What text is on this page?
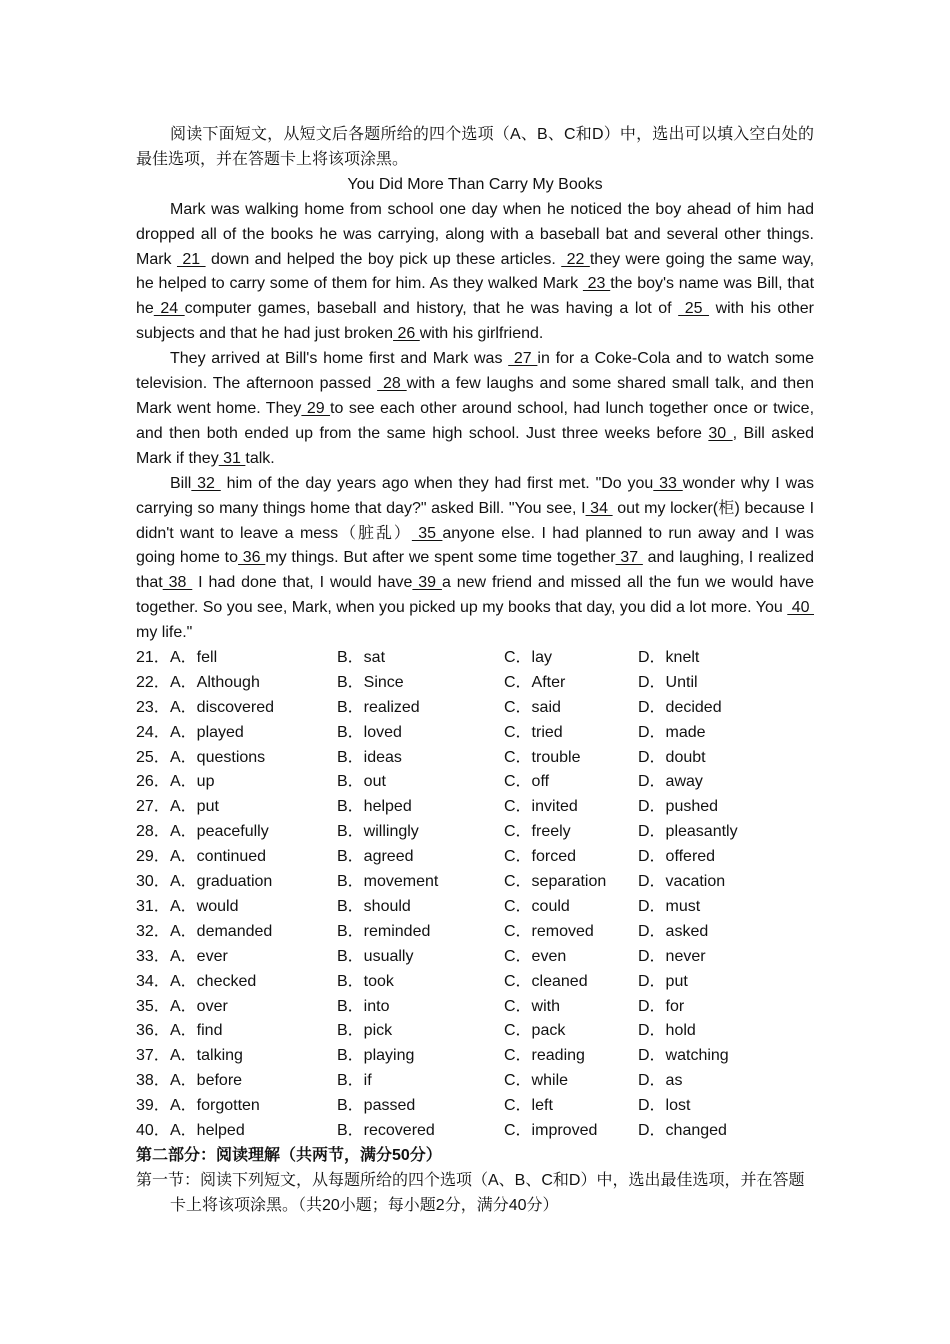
阅读下面短文，从短文后各题所给的四个选项（A、B、C和D）中，选出可以填入空白处的最佳选项，并在答题卡上将该项涂黑。

You Did More Than Carry My Books

Mark was walking home from school one day when he noticed the boy ahead of him had dropped all of the books he was carrying, along with a baseball bat and several other things. Mark  21  down and helped the boy pick up these articles.  22 they were going the same way, he helped to carry some of them for him. As they walked Mark  23 the boy's name was Bill, that he 24 computer games, baseball and history, that he was having a lot of  25  with his other subjects and that he had just broken 26 with his girlfriend.

They arrived at Bill's home first and Mark was  27 in for a Coke-Cola and to watch some television. The afternoon passed  28 with a few laughs and some shared small talk, and then Mark went home. They 29 to see each other around school, had lunch together once or twice, and then both ended up from the same high school. Just three weeks before 30 , Bill asked Mark if they 31 talk.

Bill 32  him of the day years ago when they had first met. "Do you 33 wonder why I was carrying so many things home that day?" asked Bill. "You see, I 34  out my locker(柜) because I didn't want to leave a mess（脏乱） 35 anyone else. I had planned to run away and I was going home to 36 my things. But after we spent some time together 37  and laughing, I realized that 38  I had done that, I would have 39 a new friend and missed all the fun we would have together. So you see, Mark, when you picked up my books that day, you did a lot more. You  40  my life."

21． A．fell	B．sat	C．lay	D．knelt
22． A．Although	B．Since	C．After	D．Until
23． A．discovered	B．realized	C．said	D．decided
24． A．played	B．loved	C．tried	D．made
25． A．questions	B．ideas	C．trouble	D．doubt
26． A．up	B．out	C．off	D．away
27． A．put	B．helped	C．invited	D．pushed
28． A．peacefully	B．willingly	C．freely	D．pleasantly
29． A．continued	B．agreed	C．forced	D．offered
30． A．graduation	B．movement	C．separation D．vacation
31． A．would	B．should	C．could	D．must
32． A．demanded	B．reminded	C．removed	D．asked
33． A．ever	B．usually	C．even	D．never
34． A．checked	B．took	C．cleaned	D．put
35． A．over	B．into	C．with	D．for
36． A．find	B．pick	C．pack	D．hold
37． A．talking	B．playing	C．reading	D．watching
38． A．before	B．if	C．while	D．as
39． A．forgotten	B．passed	C．left	D．lost
40． A．helped	B．recovered	C．improved	D．changed

第二部分：阅读理解（共两节，满分50分）

第一节：阅读下列短文，从每题所给的四个选项（A、B、C和D）中，选出最佳选项，并在答题卡上将该项涂黑。（共20小题；每小题2分，满分40分）
